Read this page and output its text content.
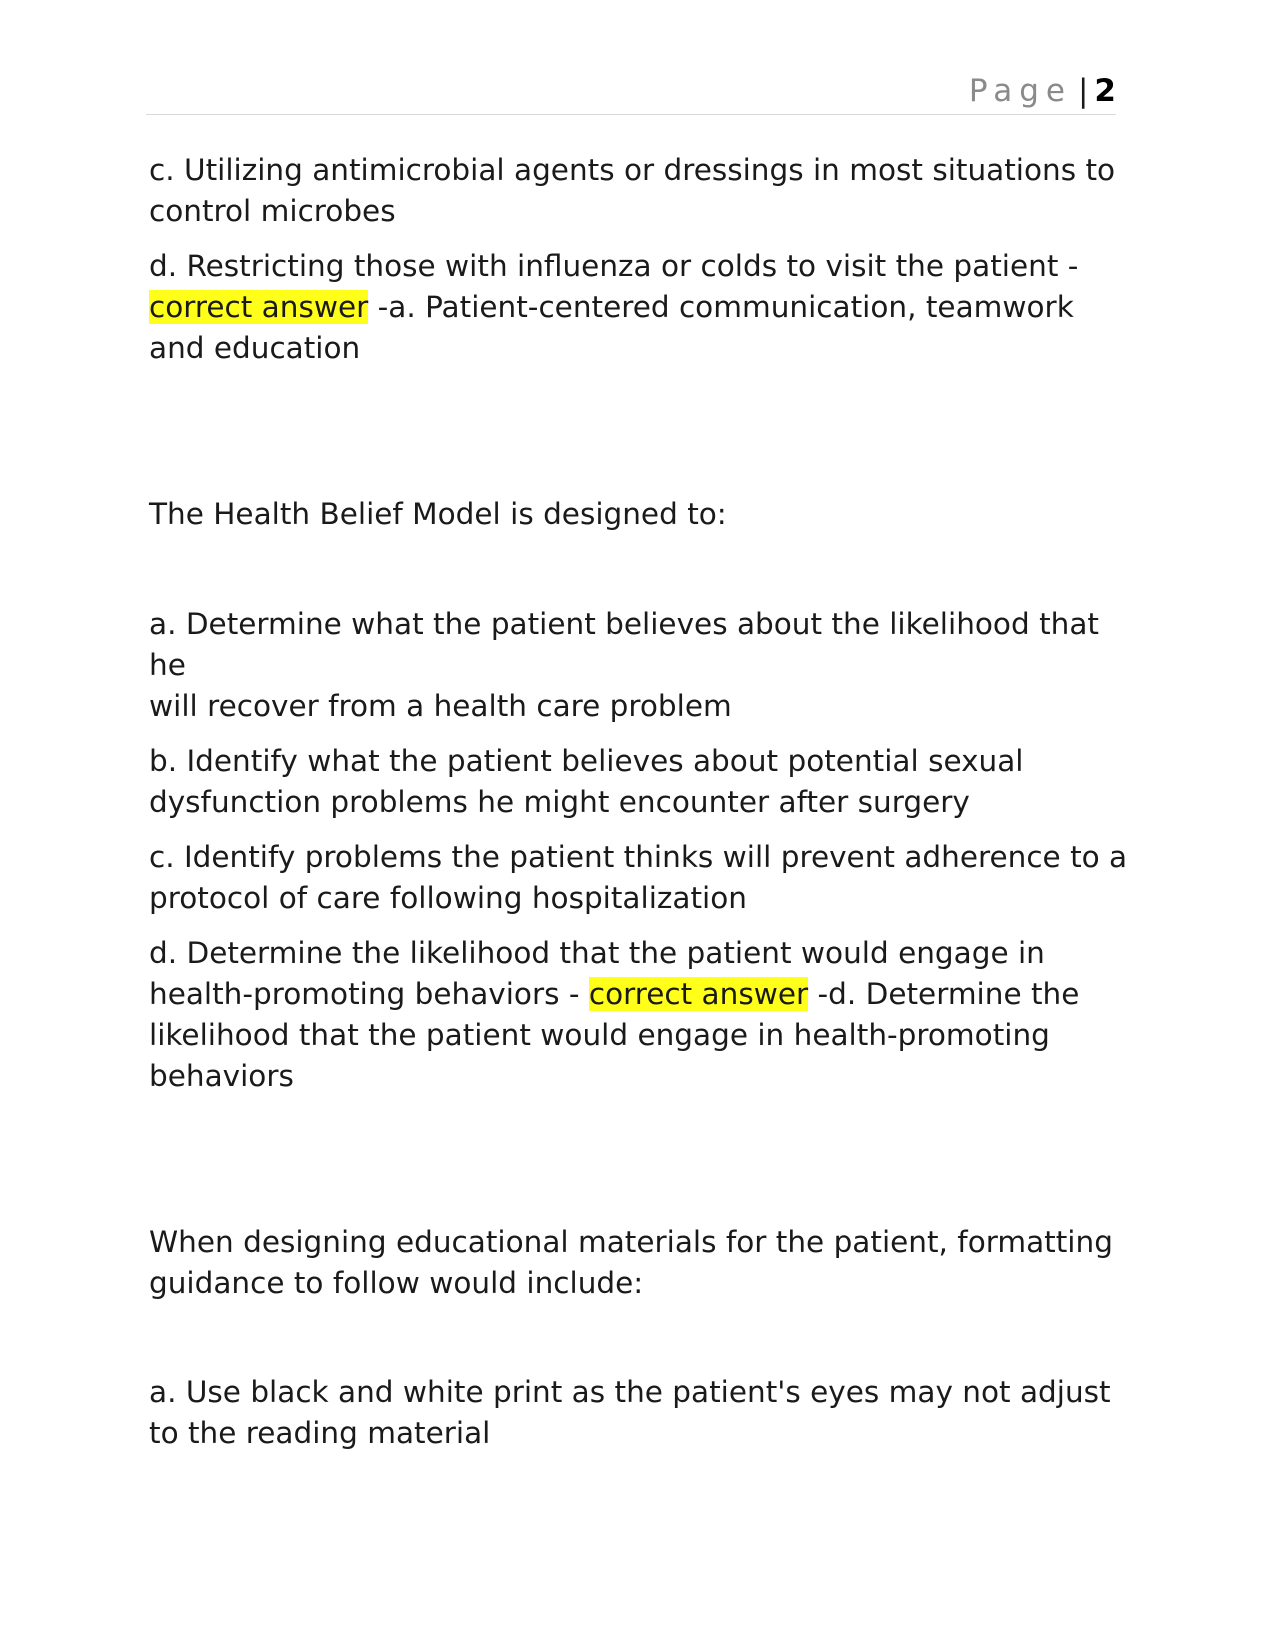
Page | 2

c. Utilizing antimicrobial agents or dressings in most situations to
control microbes

d. Restricting those with influenza or colds to visit the patient -
correct answer -a. Patient-centered communication, teamwork
and education

The Health Belief Model is designed to:

a. Determine what the patient believes about the likelihood that he
will recover from a health care problem

b. Identify what the patient believes about potential sexual
dysfunction problems he might encounter after surgery

c. Identify problems the patient thinks will prevent adherence to a
protocol of care following hospitalization

d. Determine the likelihood that the patient would engage in
health-promoting behaviors - correct answer -d. Determine the
likelihood that the patient would engage in health-promoting
behaviors

When designing educational materials for the patient, formatting
guidance to follow would include:

a. Use black and white print as the patient's eyes may not adjust
to the reading material
